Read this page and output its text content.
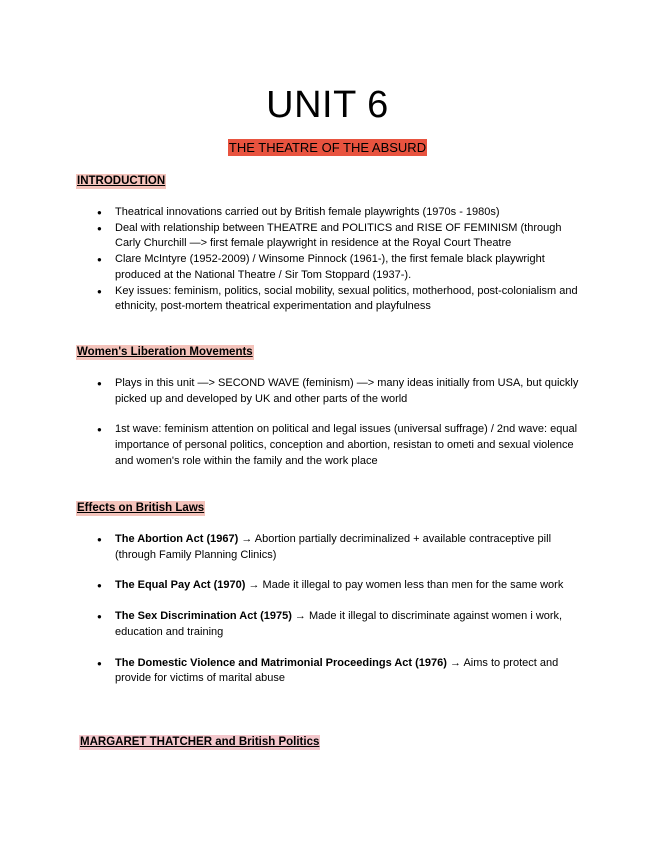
UNIT 6
THE THEATRE OF THE ABSURD
INTRODUCTION
● Theatrical innovations carried out by British female playwrights (1970s - 1980s)
● Deal with relationship between THEATRE and POLITICS and RISE OF FEMINISM (through Carly Churchill —> first female playwright in residence at the Royal Court Theatre
● Clare McIntyre (1952-2009) / Winsome Pinnock (1961-), the first female black playwright produced at the National Theatre / Sir Tom Stoppard (1937-).
● Key issues: feminism, politics, social mobility, sexual politics, motherhood, post-colonialism and ethnicity, post-mortem theatrical experimentation and playfulness
Women's Liberation Movements
● Plays in this unit —> SECOND WAVE (feminism) —> many ideas initially from USA, but quickly picked up and developed by UK and other parts of the world
● 1st wave: feminism attention on political and legal issues (universal suffrage) / 2nd wave: equal importance of personal politics, conception and abortion, resistan to ometi and sexual violence and women's role within the family and the work place
Effects on British Laws
● The Abortion Act (1967) → Abortion partially decriminalized + available contraceptive pill (through Family Planning Clinics)
● The Equal Pay Act (1970) → Made it illegal to pay women less than men for the same work
● The Sex Discrimination Act (1975) → Made it illegal to discriminate against women i work, education and training
● The Domestic Violence and Matrimonial Proceedings Act (1976) → Aims to protect and provide for victims of marital abuse
MARGARET THATCHER and British Politics
